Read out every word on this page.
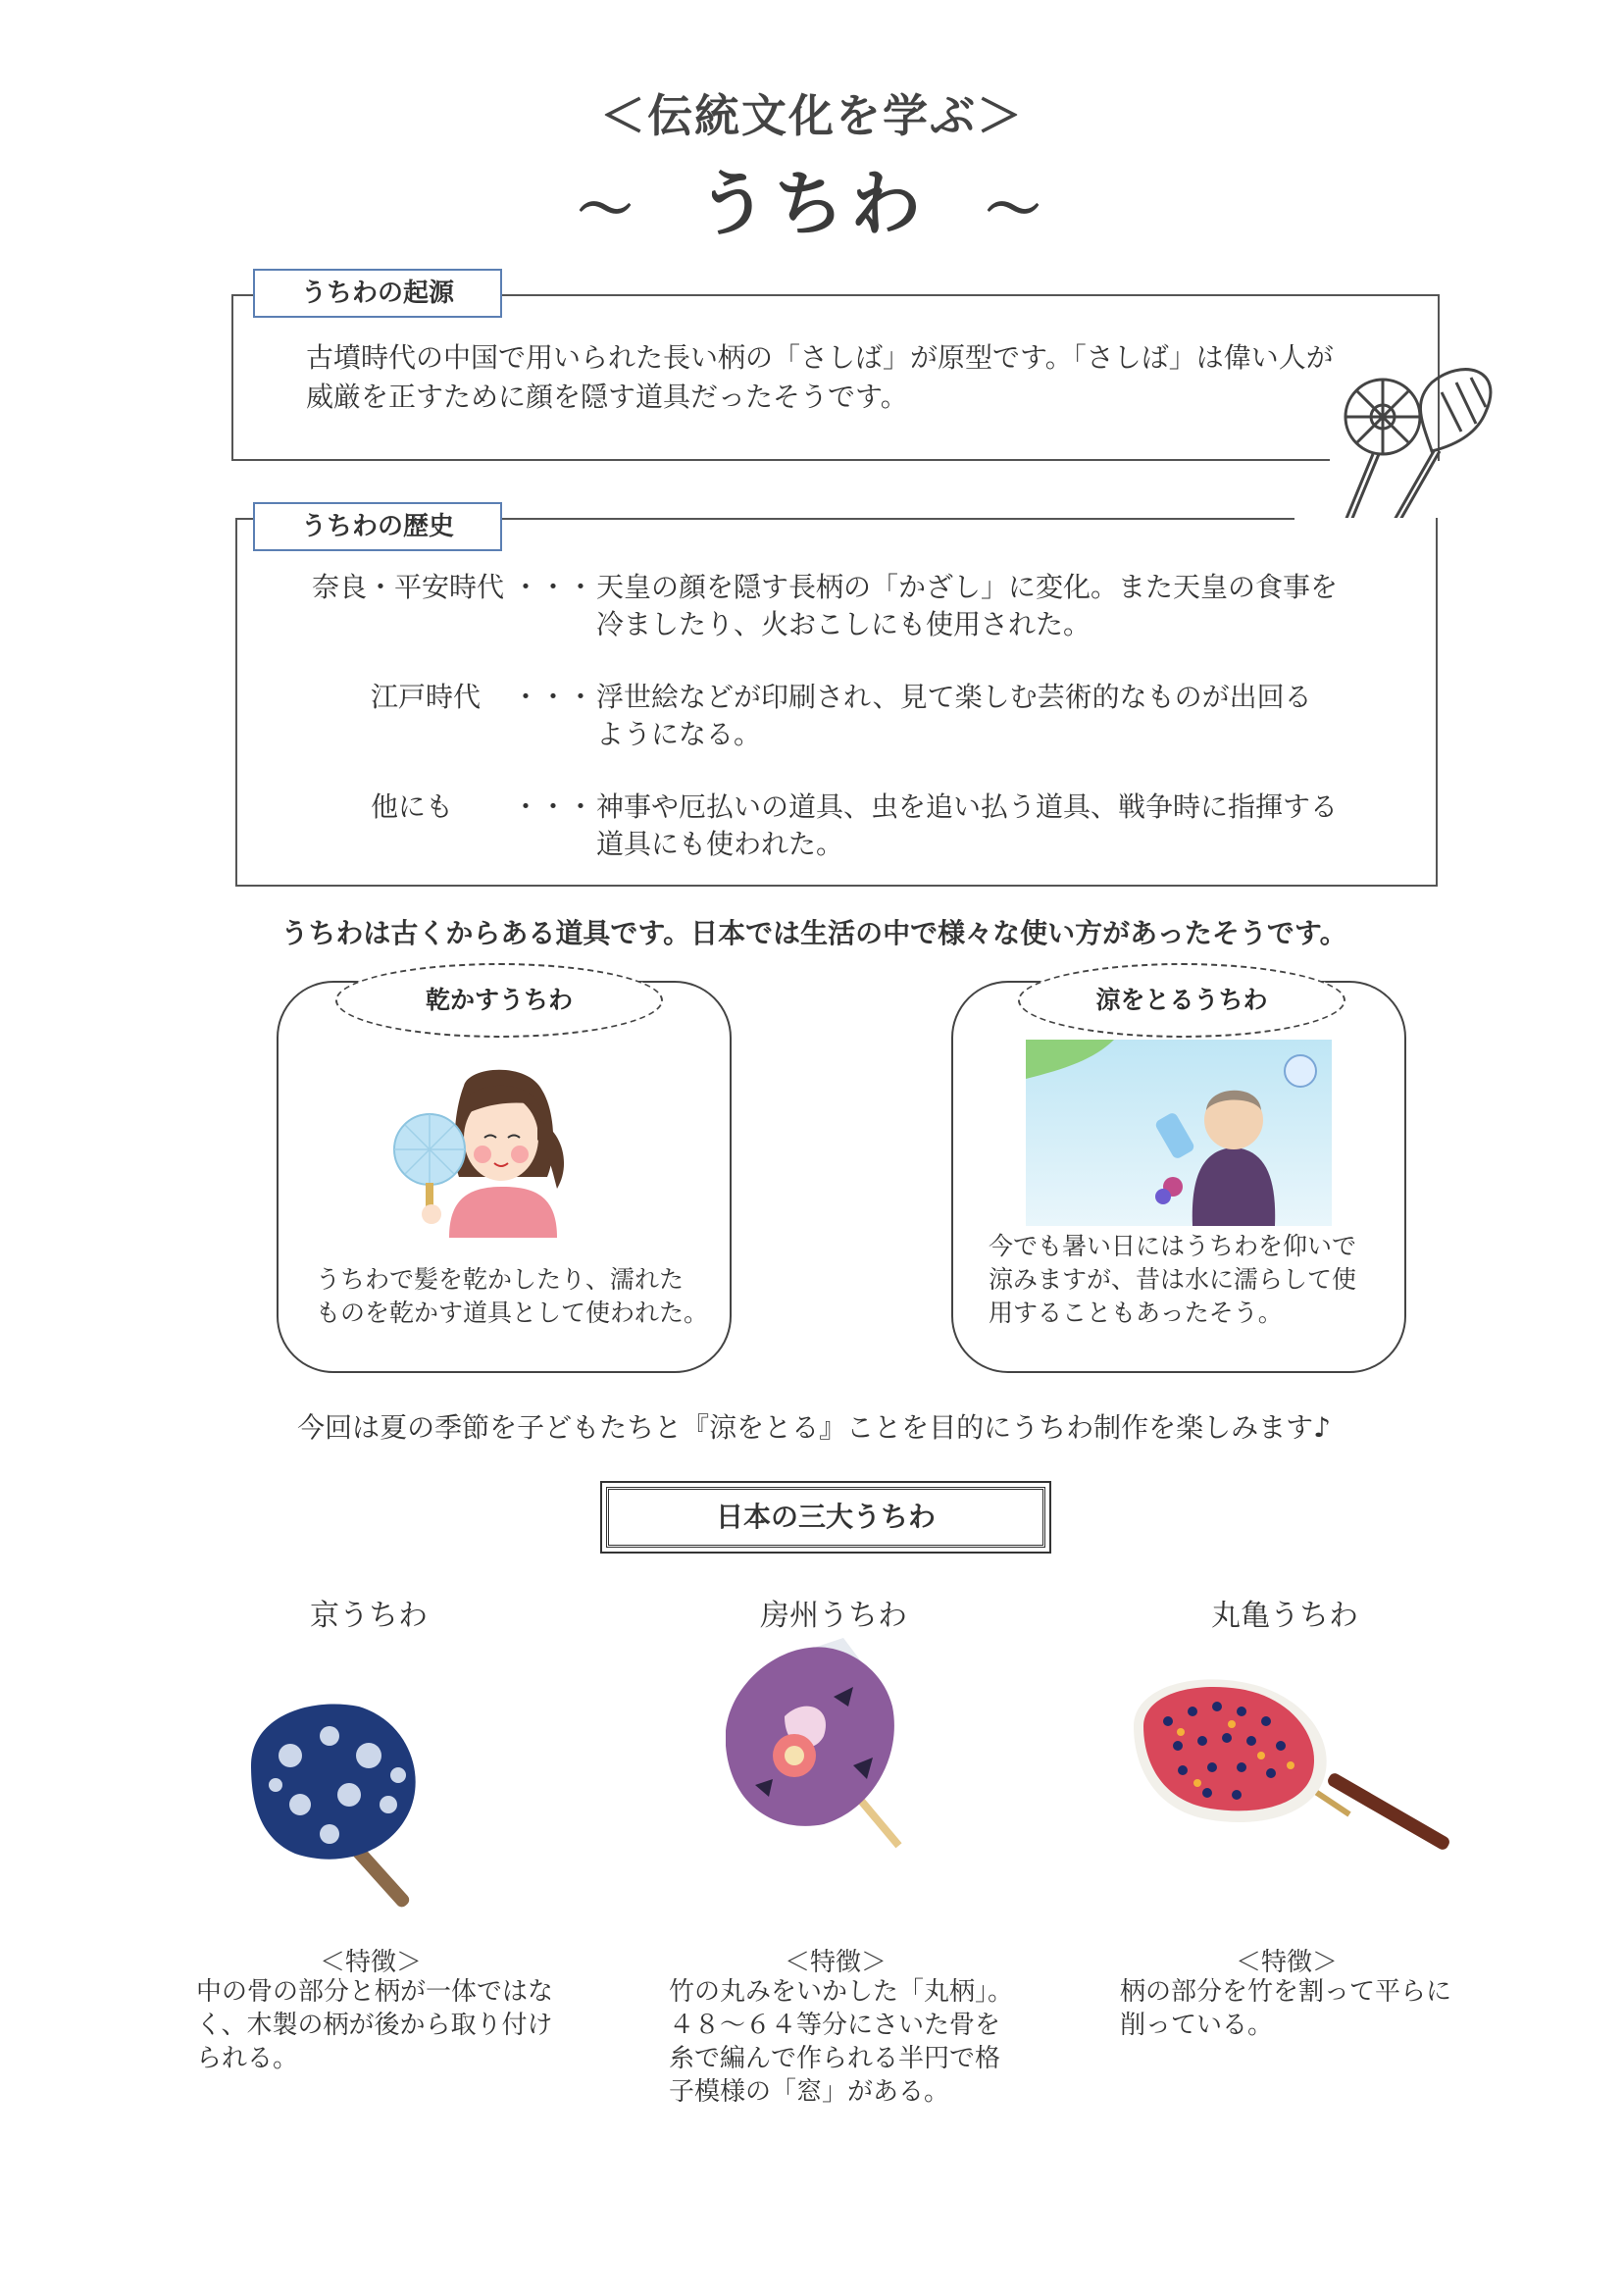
＜伝統文化を学ぶ＞
～ うちわ ～
うちわの起源
古墳時代の中国で用いられた長い柄の「さしば」が原型です。「さしば」は偉い人が
威厳を正すために顔を隠す道具だったそうです。
うちわの歴史
奈良・平安時代 ・・・ 天皇の顔を隠す長柄の「かざし」に変化。また天皇の食事を
冷ましたり、火おこしにも使用された。
江戸時代 ・・・ 浮世絵などが印刷され、見て楽しむ芸術的なものが出回る
ようになる。
他にも ・・・ 神事や厄払いの道具、虫を追い払う道具、戦争時に指揮する
道具にも使われた。
うちわは古くからある道具です。日本では生活の中で様々な使い方があったそうです。
乾かすうちわ
うちわで髪を乾かしたり、濡れた
ものを乾かす道具として使われた。
涼をとるうちわ
今でも暑い日にはうちわを仰いで
涼みますが、昔は水に濡らして使
用することもあったそう。
今回は夏の季節を子どもたちと『涼をとる』ことを目的にうちわ制作を楽しみます♪
日本の三大うちわ
京うちわ	房州うちわ	丸亀うちわ
＜特徴＞
中の骨の部分と柄が一体ではな
く、木製の柄が後から取り付け
られる。
＜特徴＞
竹の丸みをいかした「丸柄」。
４８～６４等分にさいた骨を
糸で編んで作られる半円で格
子模様の「窓」がある。
＜特徴＞
柄の部分を竹を割って平らに
削っている。
